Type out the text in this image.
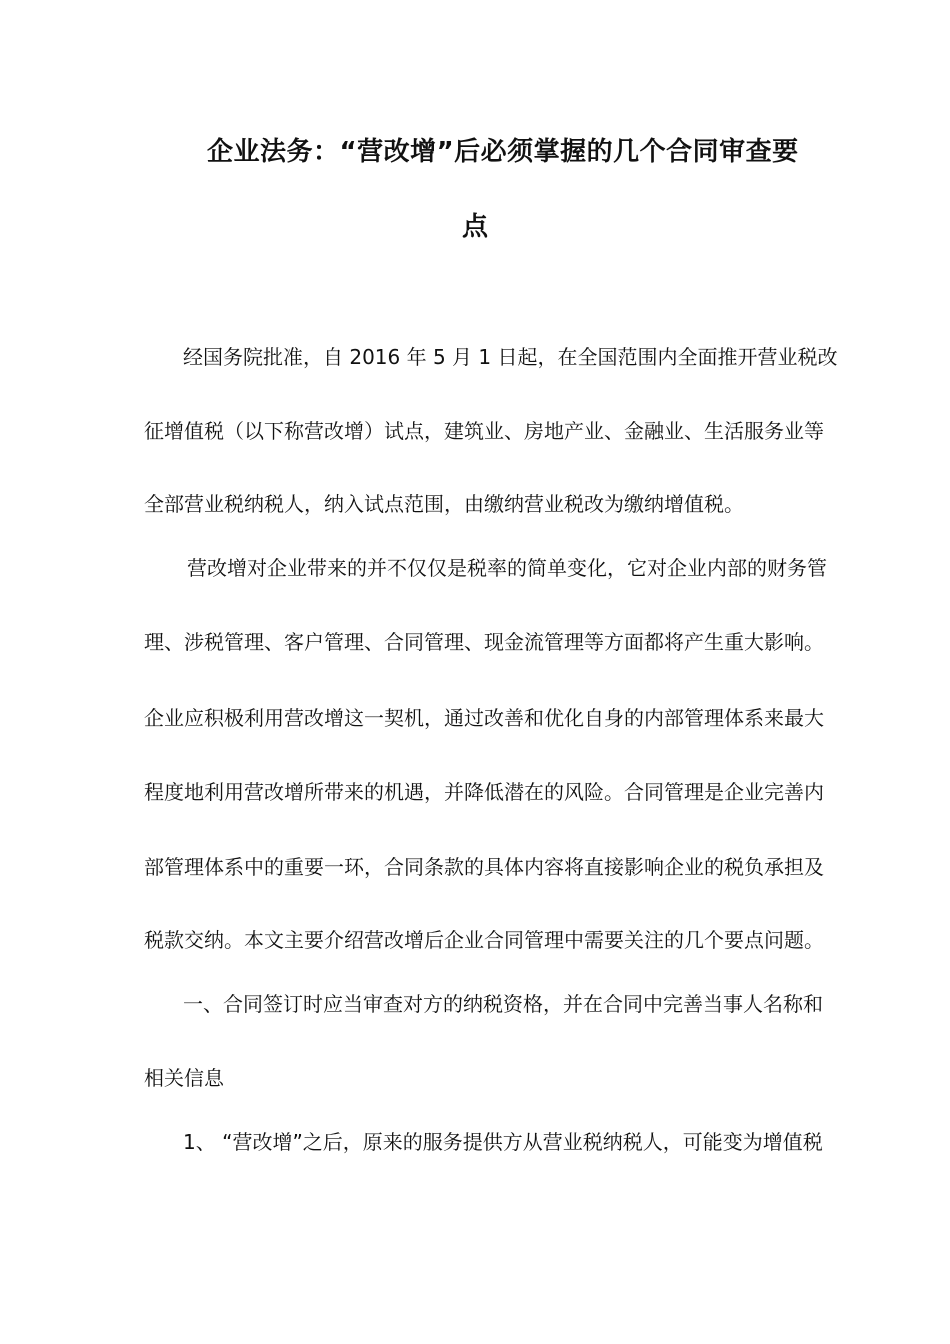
企业法务：“营改增”后必须掌握的几个合同审查要
点
经国务院批准，自 2016 年 5 月 1 日起，在全国范围内全面推开营业税改
征增值税（以下称营改增）试点，建筑业、房地产业、金融业、生活服务业等
全部营业税纳税人，纳入试点范围，由缴纳营业税改为缴纳增值税。
营改增对企业带来的并不仅仅是税率的简单变化，它对企业内部的财务管
理、涉税管理、客户管理、合同管理、现金流管理等方面都将产生重大影响。
企业应积极利用营改增这一契机，通过改善和优化自身的内部管理体系来最大
程度地利用营改增所带来的机遇，并降低潜在的风险。合同管理是企业完善内
部管理体系中的重要一环，合同条款的具体内容将直接影响企业的税负承担及
税款交纳。本文主要介绍营改增后企业合同管理中需要关注的几个要点问题。
一、合同签订时应当审查对方的纳税资格，并在合同中完善当事人名称和
相关信息
1、 “营改增”之后，原来的服务提供方从营业税纳税人，可能变为增值税
